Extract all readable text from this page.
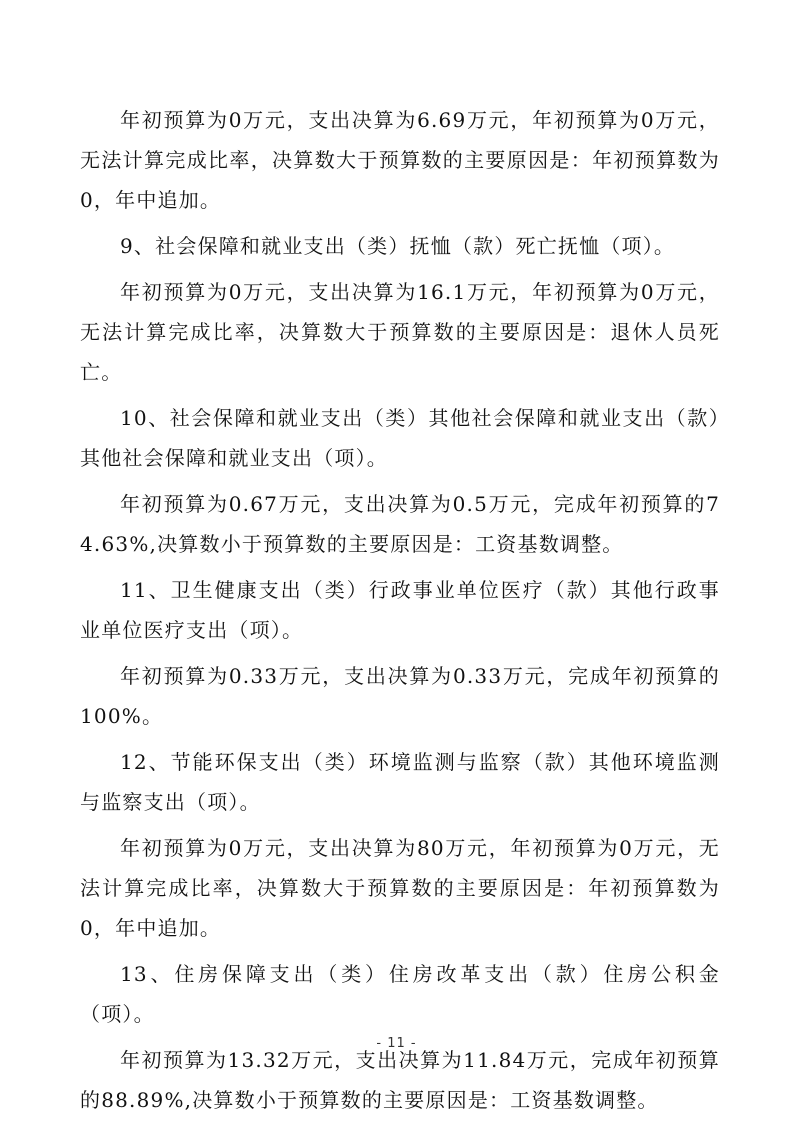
年初预算为0万元，支出决算为6.69万元，年初预算为0万元，无法计算完成比率，决算数大于预算数的主要原因是：年初预算数为0，年中追加。

9、社会保障和就业支出（类）抚恤（款）死亡抚恤（项）。

年初预算为0万元，支出决算为16.1万元，年初预算为0万元，无法计算完成比率，决算数大于预算数的主要原因是：退休人员死亡。

10、社会保障和就业支出（类）其他社会保障和就业支出（款）其他社会保障和就业支出（项）。

年初预算为0.67万元，支出决算为0.5万元，完成年初预算的74.63%,决算数小于预算数的主要原因是：工资基数调整。

11、卫生健康支出（类）行政事业单位医疗（款）其他行政事业单位医疗支出（项）。

年初预算为0.33万元，支出决算为0.33万元，完成年初预算的100%。

12、节能环保支出（类）环境监测与监察（款）其他环境监测与监察支出（项）。

年初预算为0万元，支出决算为80万元，年初预算为0万元，无法计算完成比率，决算数大于预算数的主要原因是：年初预算数为0，年中追加。

13、住房保障支出（类）住房改革支出（款）住房公积金（项）。

年初预算为13.32万元，支出决算为11.84万元，完成年初预算的88.89%,决算数小于预算数的主要原因是：工资基数调整。

- 11 -
